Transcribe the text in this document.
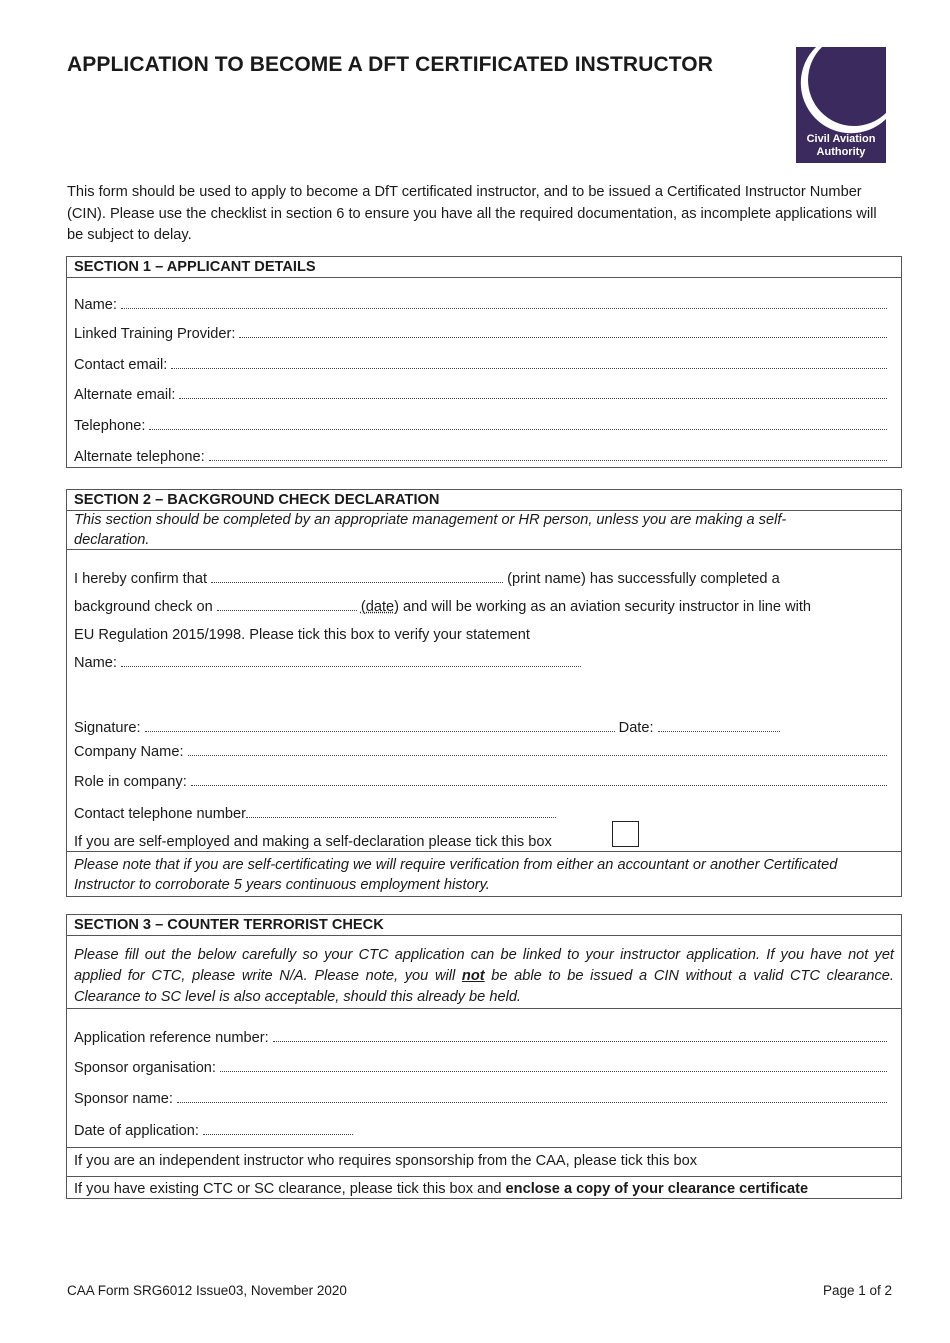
APPLICATION TO BECOME A DFT CERTIFICATED INSTRUCTOR
Civil Aviation
Authority
This form should be used to apply to become a DfT certificated instructor, and to be issued a Certificated Instructor Number (CIN). Please use the checklist in section 6 to ensure you have all the required documentation, as incomplete applications will be subject to delay.
SECTION 1 – APPLICANT DETAILS
Name:
Linked Training Provider:
Contact email:
Alternate email:
Telephone:
Alternate telephone:
SECTION 2 – BACKGROUND CHECK DECLARATION
This section should be completed by an appropriate management or HR person, unless you are making a self-declaration.
I hereby confirm that	(print name) has successfully completed a
background check on	(date) and will be working as an aviation security instructor in line with
EU Regulation 2015/1998. Please tick this box to verify your statement
Name:
Signature:	Date:
Company Name:
Role in company:
Contact telephone number
If you are self-employed and making a self-declaration please tick this box
Please note that if you are self-certificating we will require verification from either an accountant or another Certificated Instructor to corroborate 5 years continuous employment history.
SECTION 3 – COUNTER TERRORIST CHECK
Please fill out the below carefully so your CTC application can be linked to your instructor application. If you have not yet applied for CTC, please write N/A. Please note, you will not be able to be issued a CIN without a valid CTC clearance. Clearance to SC level is also acceptable, should this already be held.
Application reference number:
Sponsor organisation:
Sponsor name:
Date of application:
If you are an independent instructor who requires sponsorship from the CAA, please tick this box
If you have existing CTC or SC clearance, please tick this box and enclose a copy of your clearance certificate
CAA Form SRG6012 Issue03, November 2020	Page 1 of 2
